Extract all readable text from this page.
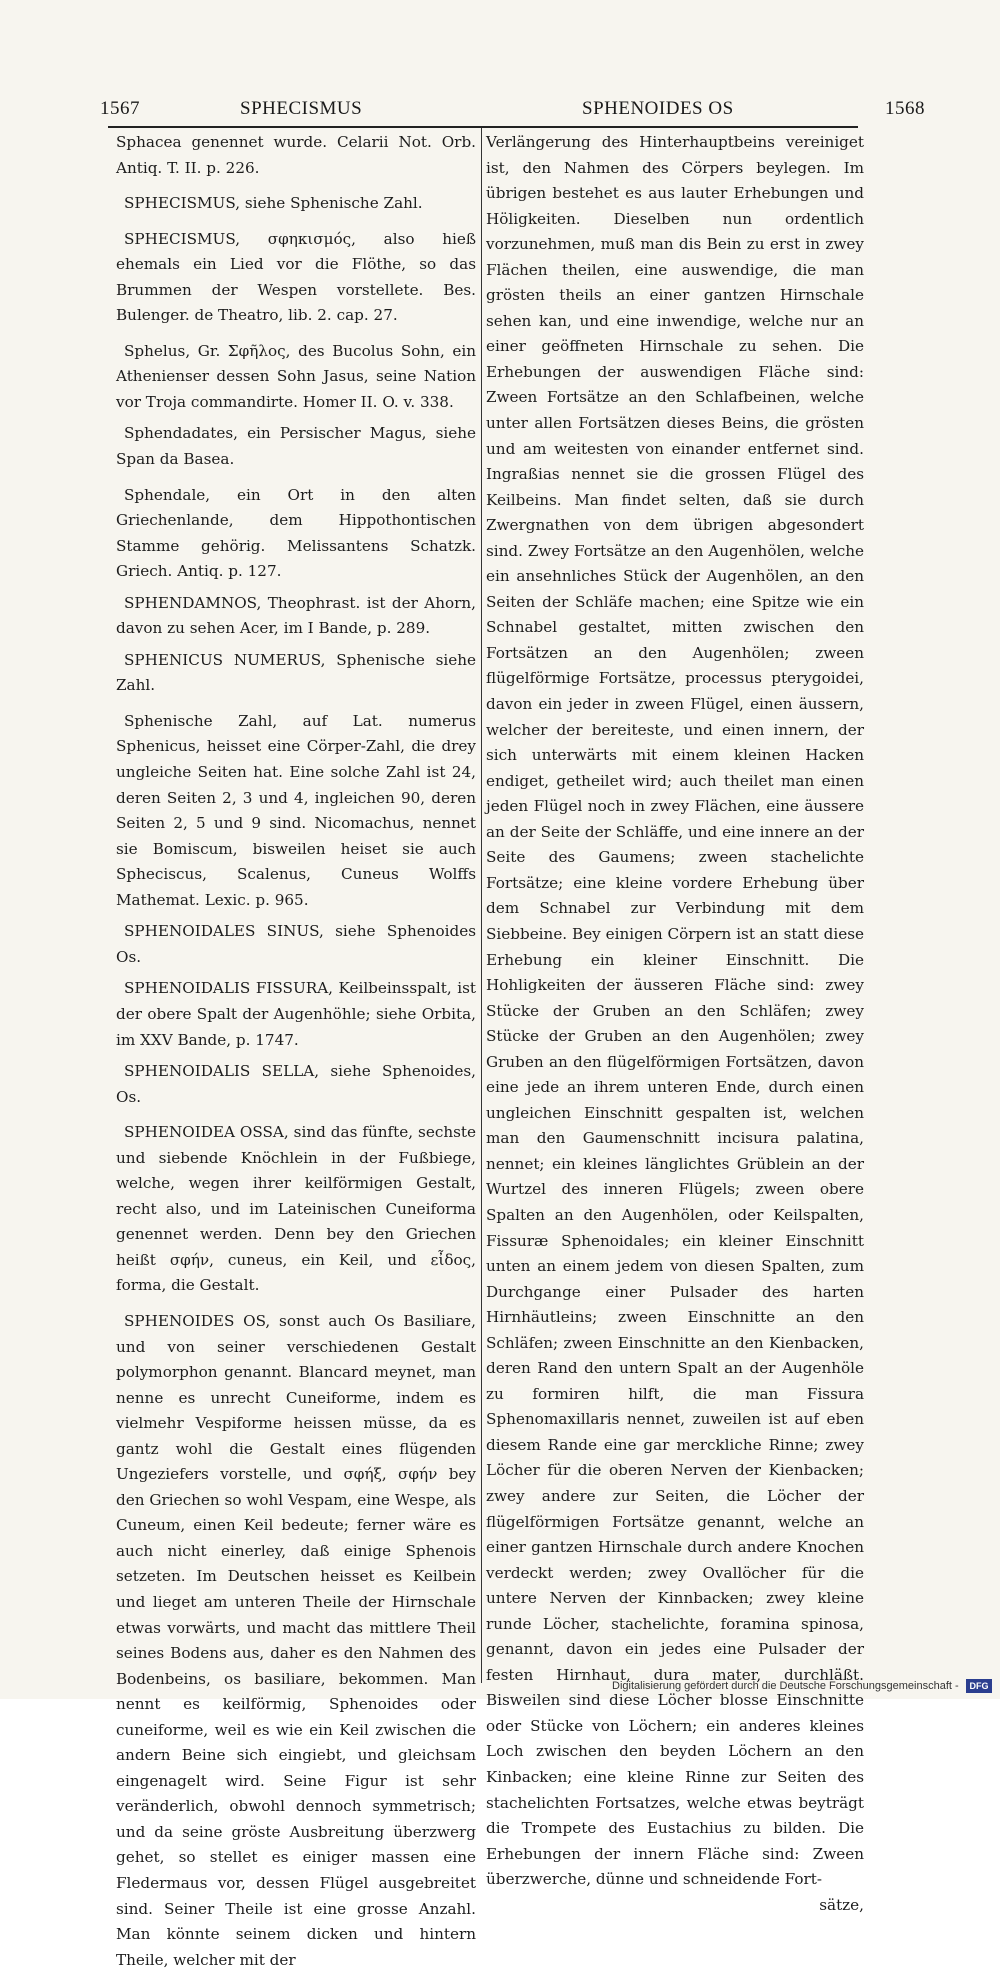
1567	SPHECISMUS	SPHENOIDES OS	1568

Sphacea genennet wurde. Celarii Not. Orb. Antiq. T. II. p. 226.

SPHECISMUS, siehe Sphenische Zahl.

SPHECISMUS, σφηκισμός, also hieß ehemals ein Lied vor die Flöthe, so das Brummen der Wespen vorstellete. Bes. Bulenger. de Theatro, lib. 2. cap. 27.

Sphelus, Gr. Σφῆλος, des Bucolus Sohn, ein Athenienser dessen Sohn Jasus, seine Nation vor Troja commandirte. Homer II. O. v. 338.

Sphendadates, ein Persischer Magus, siehe Span da Basea.

Sphendale, ein Ort in den alten Griechenlande, dem Hippothontischen Stamme gehörig. Melissantens Schatzk. Griech. Antiq. p. 127.

SPHENDAMNOS, Theophrast. ist der Ahorn, davon zu sehen Acer, im I Bande, p. 289.

SPHENICUS NUMERUS, Sphenische siehe Zahl.

Sphenische Zahl, auf Lat. numerus Sphenicus, heisset eine Cörper-Zahl, die drey ungleiche Seiten hat. Eine solche Zahl ist 24, deren Seiten 2, 3 und 4, ingleichen 90, deren Seiten 2, 5 und 9 sind. Nicomachus, nennet sie Bomiscum, bisweilen heiset sie auch Spheciscus, Scalenus, Cuneus Wolffs Mathemat. Lexic. p. 965.

SPHENOIDALES SINUS, siehe Sphenoides Os.

SPHENOIDALIS FISSURA, Keilbeinsspalt, ist der obere Spalt der Augenhöhle; siehe Orbita, im XXV Bande, p. 1747.

SPHENOIDALIS SELLA, siehe Sphenoides, Os.

SPHENOIDEA OSSA, sind das fünfte, sechste und siebende Knöchlein in der Fußbiege, welche, wegen ihrer keilförmigen Gestalt, recht also, und im Lateinischen Cuneiforma genennet werden. Denn bey den Griechen heißt σφήν, cuneus, ein Keil, und εἶδος, forma, die Gestalt.

SPHENOIDES OS, sonst auch Os Basiliare, und von seiner verschiedenen Gestalt polymorphon genannt. Blancard meynet, man nenne es unrecht Cuneiforme, indem es vielmehr Vespiforme heissen müsse, da es gantz wohl die Gestalt eines flügenden Ungeziefers vorstelle, und σφήξ, σφήν bey den Griechen so wohl Vespam, eine Wespe, als Cuneum, einen Keil bedeute; ferner wäre es auch nicht einerley, daß einige Sphenois setzeten. Im Deutschen heisset es Keilbein und lieget am unteren Theile der Hirnschale etwas vorwärts, und macht das mittlere Theil seines Bodens aus, daher es den Nahmen des Bodenbeins, os basiliare, bekommen. Man nennt es keilförmig, Sphenoides oder cuneiforme, weil es wie ein Keil zwischen die andern Beine sich eingiebt, und gleichsam eingenagelt wird. Seine Figur ist sehr veränderlich, obwohl dennoch symmetrisch; und da seine gröste Ausbreitung überzwerg gehet, so stellet es einiger massen eine Fledermaus vor, dessen Flügel ausgebreitet sind. Seiner Theile ist eine grosse Anzahl. Man könnte seinem dicken und hintern Theile, welcher mit der

Verlängerung des Hinterhauptbeins vereiniget ist, den Nahmen des Cörpers beylegen. Im übrigen bestehet es aus lauter Erhebungen und Höligkeiten. Dieselben nun ordentlich vorzunehmen, muß man dis Bein zu erst in zwey Flächen theilen, eine auswendige, die man grösten theils an einer gantzen Hirnschale sehen kan, und eine inwendige, welche nur an einer geöffneten Hirnschale zu sehen. Die Erhebungen der auswendigen Fläche sind: Zween Fortsätze an den Schlafbeinen, welche unter allen Fortsätzen dieses Beins, die grösten und am weitesten von einander entfernet sind. Ingraßias nennet sie die grossen Flügel des Keilbeins. Man findet selten, daß sie durch Zwergnathen von dem übrigen abgesondert sind. Zwey Fortsätze an den Augenhölen, welche ein ansehnliches Stück der Augenhölen, an den Seiten der Schläfe machen; eine Spitze wie ein Schnabel gestaltet, mitten zwischen den Fortsätzen an den Augenhölen; zween flügelförmige Fortsätze, processus pterygoidei, davon ein jeder in zween Flügel, einen äussern, welcher der bereiteste, und einen innern, der sich unterwärts mit einem kleinen Hacken endiget, getheilet wird; auch theilet man einen jeden Flügel noch in zwey Flächen, eine äussere an der Seite der Schläffe, und eine innere an der Seite des Gaumens; zween stachelichte Fortsätze; eine kleine vordere Erhebung über dem Schnabel zur Verbindung mit dem Siebbeine. Bey einigen Cörpern ist an statt diese Erhebung ein kleiner Einschnitt. Die Hohligkeiten der äusseren Fläche sind: zwey Stücke der Gruben an den Schläfen; zwey Stücke der Gruben an den Augenhölen; zwey Gruben an den flügelförmigen Fortsätzen, davon eine jede an ihrem unteren Ende, durch einen ungleichen Einschnitt gespalten ist, welchen man den Gaumenschnitt incisura palatina, nennet; ein kleines länglichtes Grüblein an der Wurtzel des inneren Flügels; zween obere Spalten an den Augenhölen, oder Keilspalten, Fissuræ Sphenoidales; ein kleiner Einschnitt unten an einem jedem von diesen Spalten, zum Durchgange einer Pulsader des harten Hirnhäutleins; zween Einschnitte an den Schläfen; zween Einschnitte an den Kienbacken, deren Rand den untern Spalt an der Augenhöle zu formiren hilft, die man Fissura Sphenomaxillaris nennet, zuweilen ist auf eben diesem Rande eine gar merckliche Rinne; zwey Löcher für die oberen Nerven der Kienbacken; zwey andere zur Seiten, die Löcher der flügelförmigen Fortsätze genannt, welche an einer gantzen Hirnschale durch andere Knochen verdeckt werden; zwey Ovallöcher für die untere Nerven der Kinnbacken; zwey kleine runde Löcher, stachelichte, foramina spinosa, genannt, davon ein jedes eine Pulsader der festen Hirnhaut, dura mater, durchläßt. Bisweilen sind diese Löcher blosse Einschnitte oder Stücke von Löchern; ein anderes kleines Loch zwischen den beyden Löchern an den Kinbacken; eine kleine Rinne zur Seiten des stachelichten Fortsatzes, welche etwas beyträgt die Trompete des Eustachius zu bilden. Die Erhebungen der innern Fläche sind: Zween überzwerche, dünne und schneidende Fort-

sätze,

Digitalisierung gefördert durch die Deutsche Forschungsgemeinschaft -	DFG
